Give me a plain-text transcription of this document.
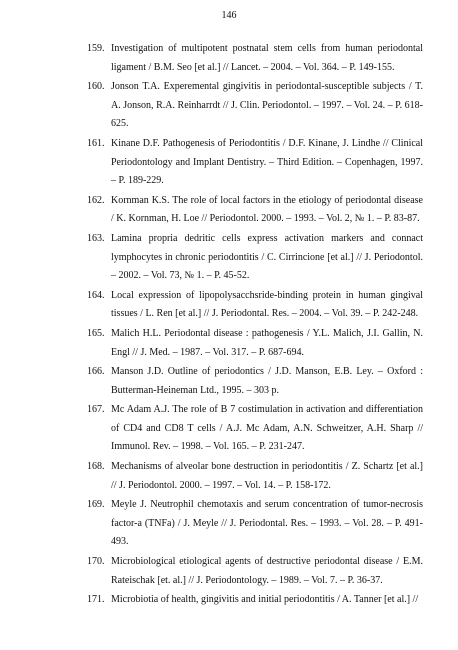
146
159. Investigation of multipotent postnatal stem cells from human periodontal ligament / B.M. Seo [et al.] // Lancet. – 2004. – Vol. 364. – P. 149-155.
160. Jonson T.A. Experemental gingivitis in periodontal-susceptible subjects / T. A. Jonson, R.A. Reinharrdt // J. Clin. Periodontol. – 1997. – Vol. 24. – P. 618-625.
161. Kinane D.F. Pathogenesis of Periodontitis / D.F. Kinane, J. Lindhe // Clinical Periodontology and Implant Dentistry. – Third Edition. – Copenhagen, 1997. – P. 189-229.
162. Kornman K.S. The role of local factors in the etiology of periodontal disease / K. Kornman, H. Loe // Periodontol. 2000. – 1993. – Vol. 2, № 1. – P. 83-87.
163. Lamina propria dedritic cells express activation markers and connact lymphocytes in chronic periodontitis / C. Cirrincione [et al.] // J. Periodontol. – 2002. – Vol. 73, № 1. – P. 45-52.
164. Local expression of lipopolysacchsride-binding protein in human gingival tissues / L. Ren [et al.] // J. Periodontal. Res. – 2004. – Vol. 39. – P. 242-248.
165. Malich H.L. Periodontal disease : pathogenesis / Y.L. Malich, J.I. Gallin, N. Engl // J. Med. – 1987. – Vol. 317. – P. 687-694.
166. Manson J.D. Outline of periodontics / J.D. Manson, E.B. Ley. – Oxford : Butterman-Heineman Ltd., 1995. – 303 p.
167. Mc Adam A.J. The role of B 7 costimulation in activation and differentiation of CD4 and CD8 T cells / A.J. Mc Adam, A.N. Schweitzer, A.H. Sharp // Immunol. Rev. – 1998. – Vol. 165. – P. 231-247.
168. Mechanisms of alveolar bone destruction in periodontitis / Z. Schartz [et al.] // J. Periodontol. 2000. – 1997. – Vol. 14. – P. 158-172.
169. Meyle J. Neutrophil chemotaxis and serum concentration of tumor-necrosis factor-a (TNFa) / J. Meyle // J. Periodontal. Res. – 1993. – Vol. 28. – P. 491-493.
170. Microbiological etiological agents of destructive periodontal disease / E.M. Rateischak [et. al.] // J. Periodontology. – 1989. – Vol. 7. – P. 36-37.
171. Microbiotia of health, gingivitis and initial periodontitis / A. Tanner [et al.] //
